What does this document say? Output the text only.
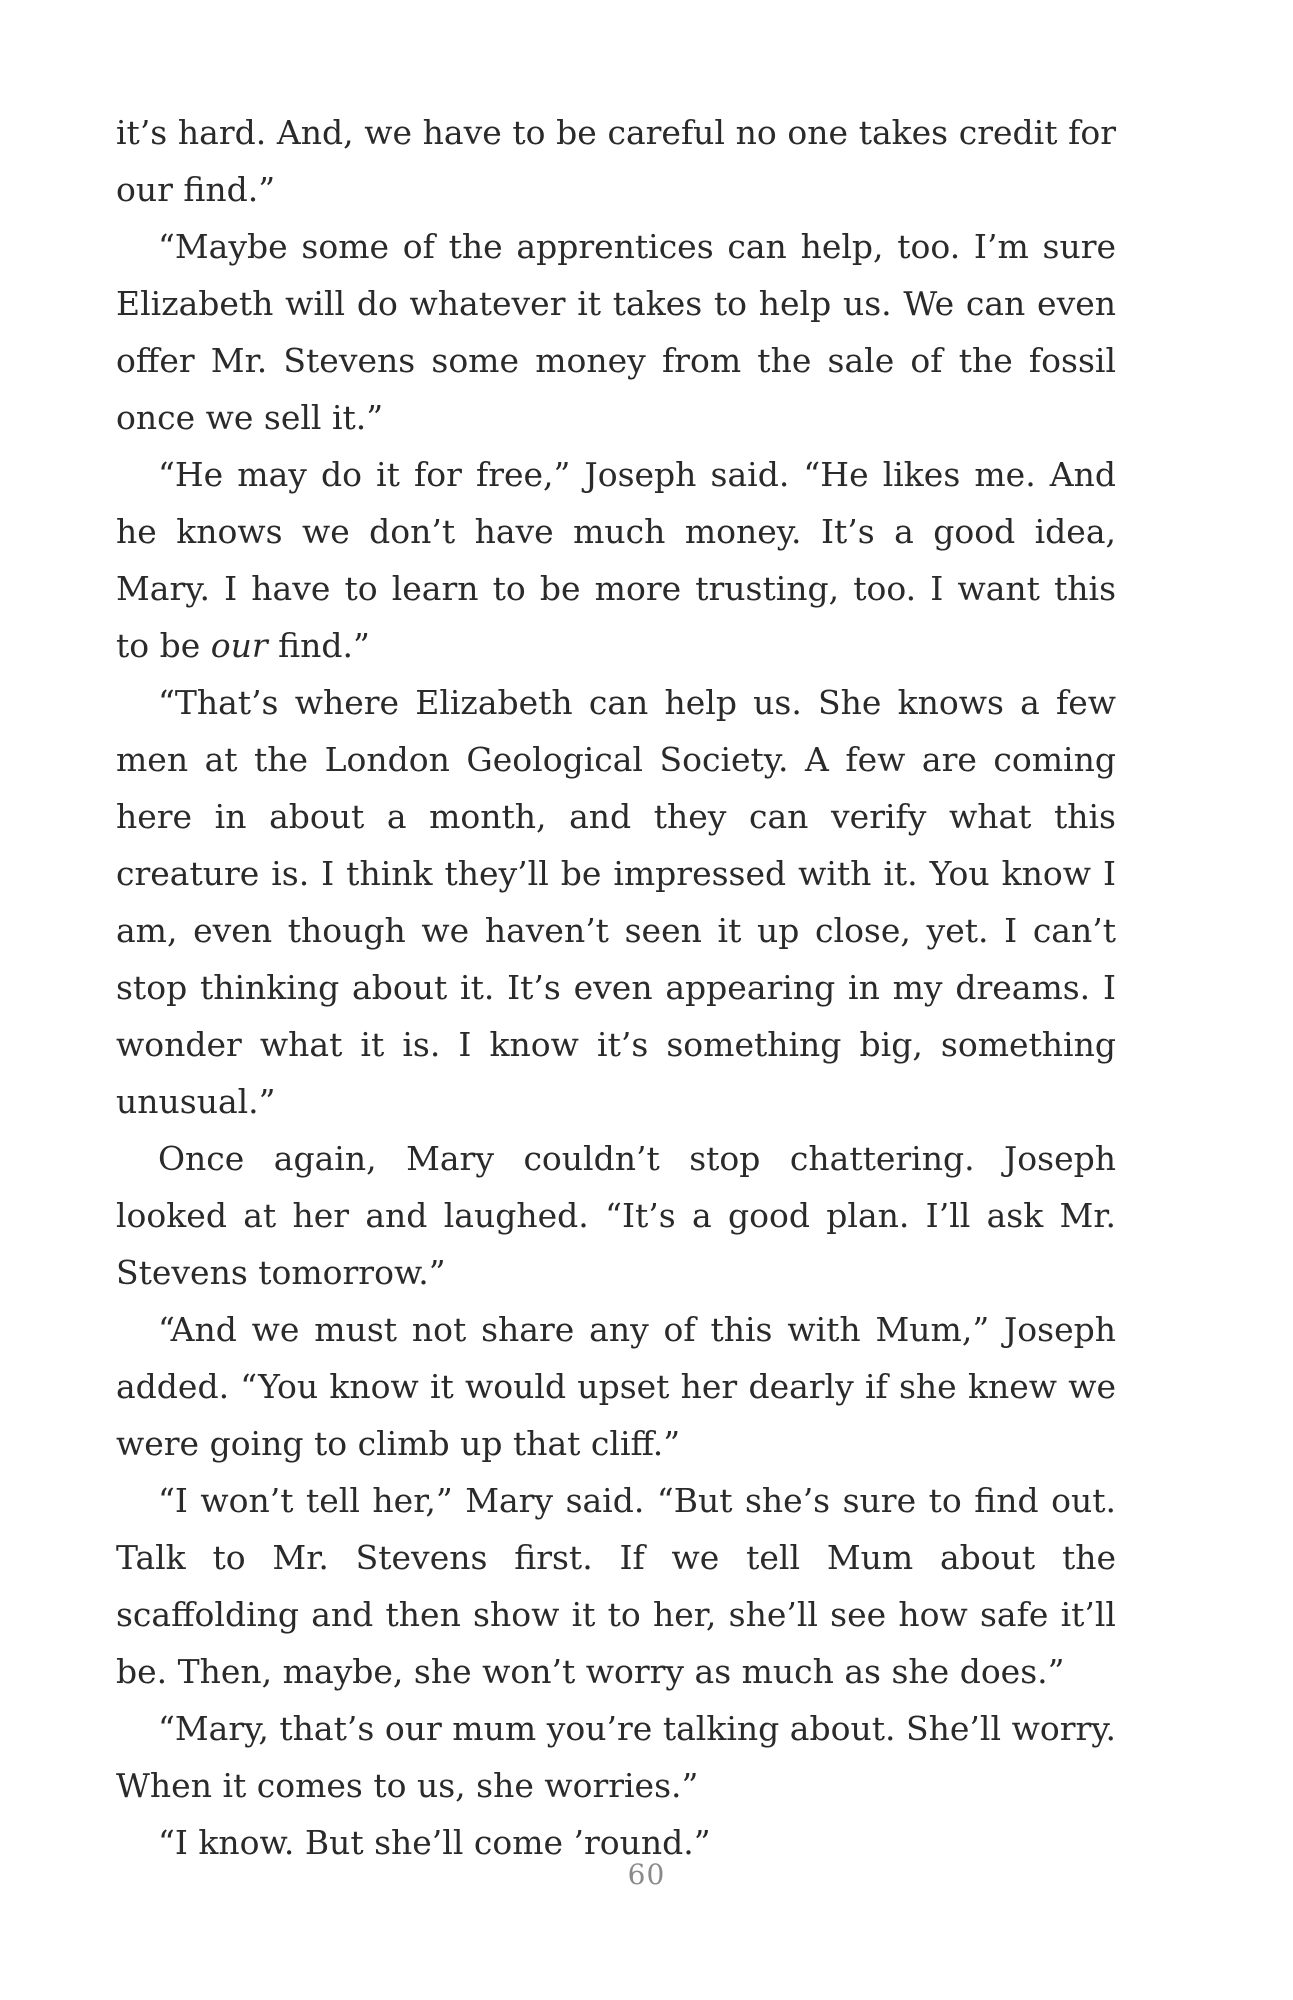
it’s hard. And, we have to be careful no one takes credit for our find.”

“Maybe some of the apprentices can help, too. I’m sure Elizabeth will do whatever it takes to help us. We can even offer Mr. Stevens some money from the sale of the fossil once we sell it.”

“He may do it for free,” Joseph said. “He likes me. And he knows we don’t have much money. It’s a good idea, Mary. I have to learn to be more trusting, too. I want this to be our find.”

“That’s where Elizabeth can help us. She knows a few men at the London Geological Society. A few are coming here in about a month, and they can verify what this creature is. I think they’ll be impressed with it. You know I am, even though we haven’t seen it up close, yet. I can’t stop thinking about it. It’s even appearing in my dreams. I wonder what it is. I know it’s something big, something unusual.”

Once again, Mary couldn’t stop chattering. Joseph looked at her and laughed. “It’s a good plan. I’ll ask Mr. Stevens tomorrow.”

“And we must not share any of this with Mum,” Joseph added. “You know it would upset her dearly if she knew we were going to climb up that cliff.”

“I won’t tell her,” Mary said. “But she’s sure to find out. Talk to Mr. Stevens first. If we tell Mum about the scaffolding and then show it to her, she’ll see how safe it’ll be. Then, maybe, she won’t worry as much as she does.”

“Mary, that’s our mum you’re talking about. She’ll worry. When it comes to us, she worries.”

“I know. But she’ll come ’round.”

60
